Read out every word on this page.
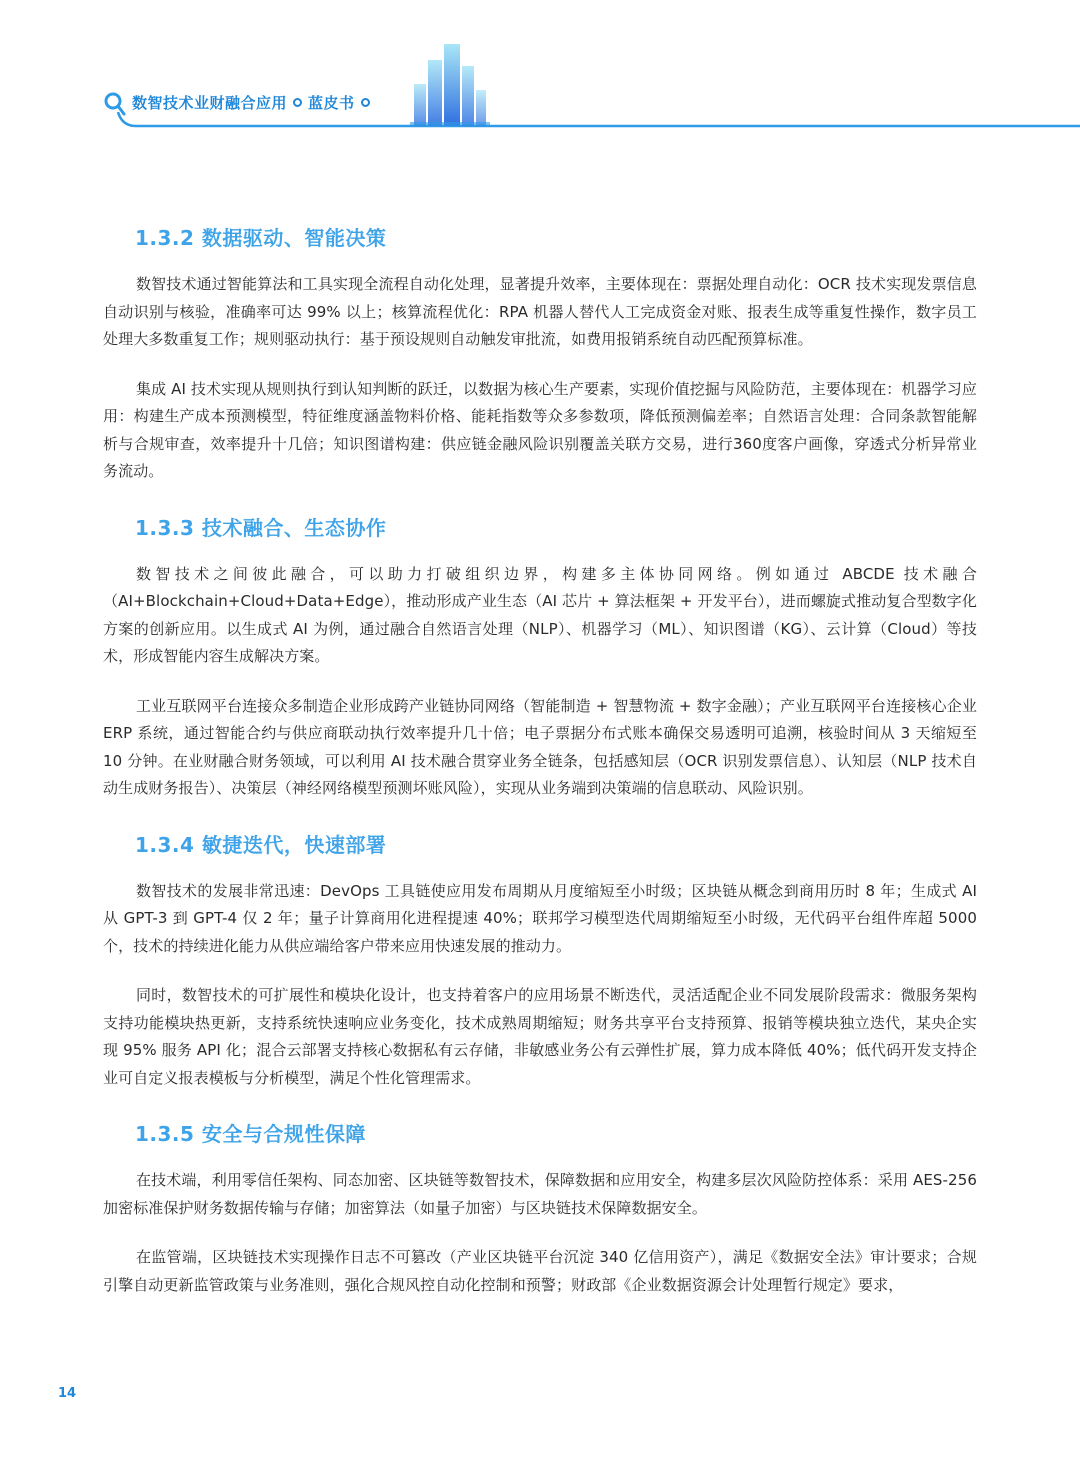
数智技术业财融合应用 蓝皮书
1.3.2 数据驱动、智能决策

数智技术通过智能算法和工具实现全流程自动化处理，显著提升效率，主要体现在：票据处理自动化：OCR 技术实现发票信息自动识别与核验，准确率可达 99% 以上；核算流程优化：RPA 机器人替代人工完成资金对账、报表生成等重复性操作，数字员工处理大多数重复工作；规则驱动执行：基于预设规则自动触发审批流，如费用报销系统自动匹配预算标准。

集成 AI 技术实现从规则执行到认知判断的跃迁，以数据为核心生产要素，实现价值挖掘与风险防范，主要体现在：机器学习应用：构建生产成本预测模型，特征维度涵盖物料价格、能耗指数等众多参数项，降低预测偏差率；自然语言处理：合同条款智能解析与合规审查，效率提升十几倍；知识图谱构建：供应链金融风险识别覆盖关联方交易，进行360度客户画像，穿透式分析异常业务流动。

1.3.3 技术融合、生态协作

数智技术之间彼此融合，可以助力打破组织边界，构建多主体协同网络。例如通过 ABCDE 技术融合（AI+Blockchain+Cloud+Data+Edge），推动形成产业生态（AI 芯片 + 算法框架 + 开发平台），进而螺旋式推动复合型数字化方案的创新应用。以生成式 AI 为例，通过融合自然语言处理（NLP）、机器学习（ML）、知识图谱（KG）、云计算（Cloud）等技术，形成智能内容生成解决方案。

工业互联网平台连接众多制造企业形成跨产业链协同网络（智能制造 + 智慧物流 + 数字金融）；产业互联网平台连接核心企业 ERP 系统，通过智能合约与供应商联动执行效率提升几十倍；电子票据分布式账本确保交易透明可追溯，核验时间从 3 天缩短至 10 分钟。在业财融合财务领域，可以利用 AI 技术融合贯穿业务全链条，包括感知层（OCR 识别发票信息）、认知层（NLP 技术自动生成财务报告）、决策层（神经网络模型预测坏账风险），实现从业务端到决策端的信息联动、风险识别。

1.3.4 敏捷迭代，快速部署

数智技术的发展非常迅速：DevOps 工具链使应用发布周期从月度缩短至小时级；区块链从概念到商用历时 8 年；生成式 AI 从 GPT-3 到 GPT-4 仅 2 年；量子计算商用化进程提速 40%；联邦学习模型迭代周期缩短至小时级，无代码平台组件库超 5000 个，技术的持续进化能力从供应端给客户带来应用快速发展的推动力。

同时，数智技术的可扩展性和模块化设计，也支持着客户的应用场景不断迭代，灵活适配企业不同发展阶段需求：微服务架构支持功能模块热更新，支持系统快速响应业务变化，技术成熟周期缩短；财务共享平台支持预算、报销等模块独立迭代，某央企实现 95% 服务 API 化；混合云部署支持核心数据私有云存储，非敏感业务公有云弹性扩展，算力成本降低 40%；低代码开发支持企业可自定义报表模板与分析模型，满足个性化管理需求。

1.3.5 安全与合规性保障

在技术端，利用零信任架构、同态加密、区块链等数智技术，保障数据和应用安全，构建多层次风险防控体系：采用 AES-256 加密标准保护财务数据传输与存储；加密算法（如量子加密）与区块链技术保障数据安全。

在监管端，区块链技术实现操作日志不可篡改（产业区块链平台沉淀 340 亿信用资产），满足《数据安全法》审计要求；合规引擎自动更新监管政策与业务准则，强化合规风控自动化控制和预警；财政部《企业数据资源会计处理暂行规定》要求，

14
